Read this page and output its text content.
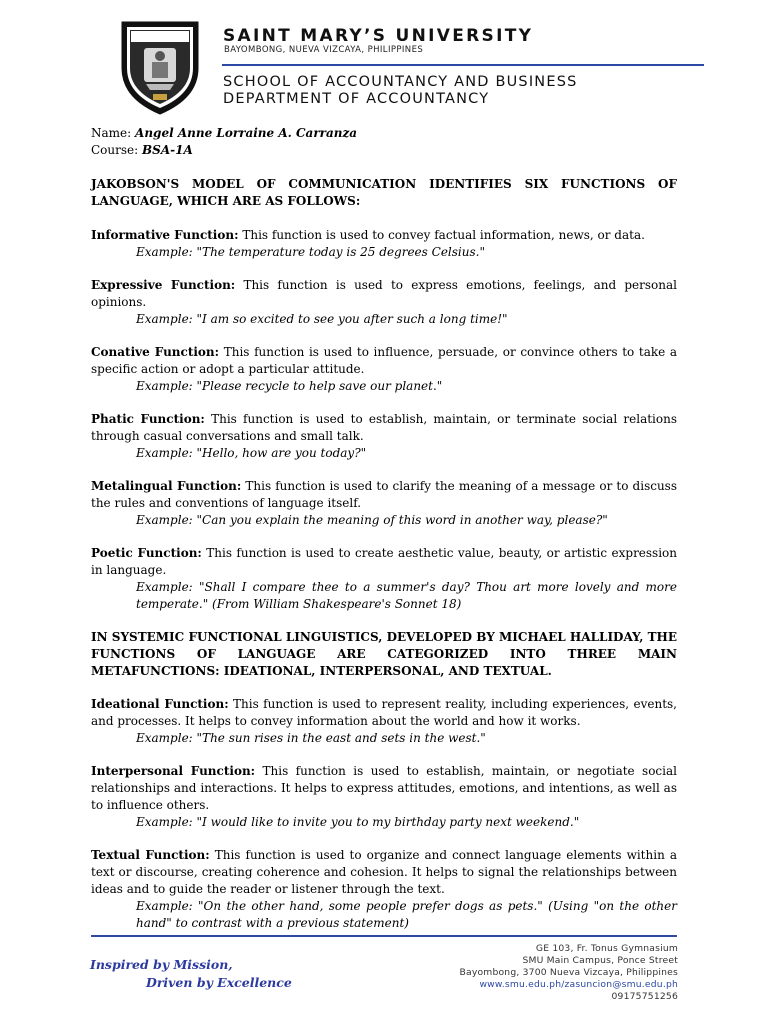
SAINT MARY’S UNIVERSITY
BAYOMBONG, NUEVA VIZCAYA, PHILIPPINES
SCHOOL OF ACCOUNTANCY AND BUSINESS
DEPARTMENT OF ACCOUNTANCY

Name: Angel Anne Lorraine A. Carranza

Course: BSA-1A

JAKOBSON'S MODEL OF COMMUNICATION IDENTIFIES SIX FUNCTIONS OF LANGUAGE, WHICH ARE AS FOLLOWS:

Informative Function: This function is used to convey factual information, news, or data.

Example: "The temperature today is 25 degrees Celsius."

Expressive Function: This function is used to express emotions, feelings, and personal opinions.

Example: "I am so excited to see you after such a long time!"

Conative Function: This function is used to influence, persuade, or convince others to take a specific action or adopt a particular attitude.

Example: "Please recycle to help save our planet."

Phatic Function: This function is used to establish, maintain, or terminate social relations through casual conversations and small talk.

Example: "Hello, how are you today?"

Metalingual Function: This function is used to clarify the meaning of a message or to discuss the rules and conventions of language itself.

Example: "Can you explain the meaning of this word in another way, please?"

Poetic Function: This function is used to create aesthetic value, beauty, or artistic expression in language.

Example: "Shall I compare thee to a summer's day? Thou art more lovely and more temperate." (From William Shakespeare's Sonnet 18)

IN SYSTEMIC FUNCTIONAL LINGUISTICS, DEVELOPED BY MICHAEL HALLIDAY, THE FUNCTIONS OF LANGUAGE ARE CATEGORIZED INTO THREE MAIN METAFUNCTIONS: IDEATIONAL, INTERPERSONAL, AND TEXTUAL.

Ideational Function: This function is used to represent reality, including experiences, events, and processes. It helps to convey information about the world and how it works.

Example: "The sun rises in the east and sets in the west."

Interpersonal Function: This function is used to establish, maintain, or negotiate social relationships and interactions. It helps to express attitudes, emotions, and intentions, as well as to influence others.

Example: "I would like to invite you to my birthday party next weekend."

Textual Function: This function is used to organize and connect language elements within a text or discourse, creating coherence and cohesion. It helps to signal the relationships between ideas and to guide the reader or listener through the text.

Example: "On the other hand, some people prefer dogs as pets." (Using "on the other hand" to contrast with a previous statement)

Inspired by Mission,
Driven by Excellence
GE 103, Fr. Tonus Gymnasium
SMU Main Campus, Ponce Street
Bayombong, 3700 Nueva Vizcaya, Philippines
www.smu.edu.ph/zasuncion@smu.edu.ph
09175751256
